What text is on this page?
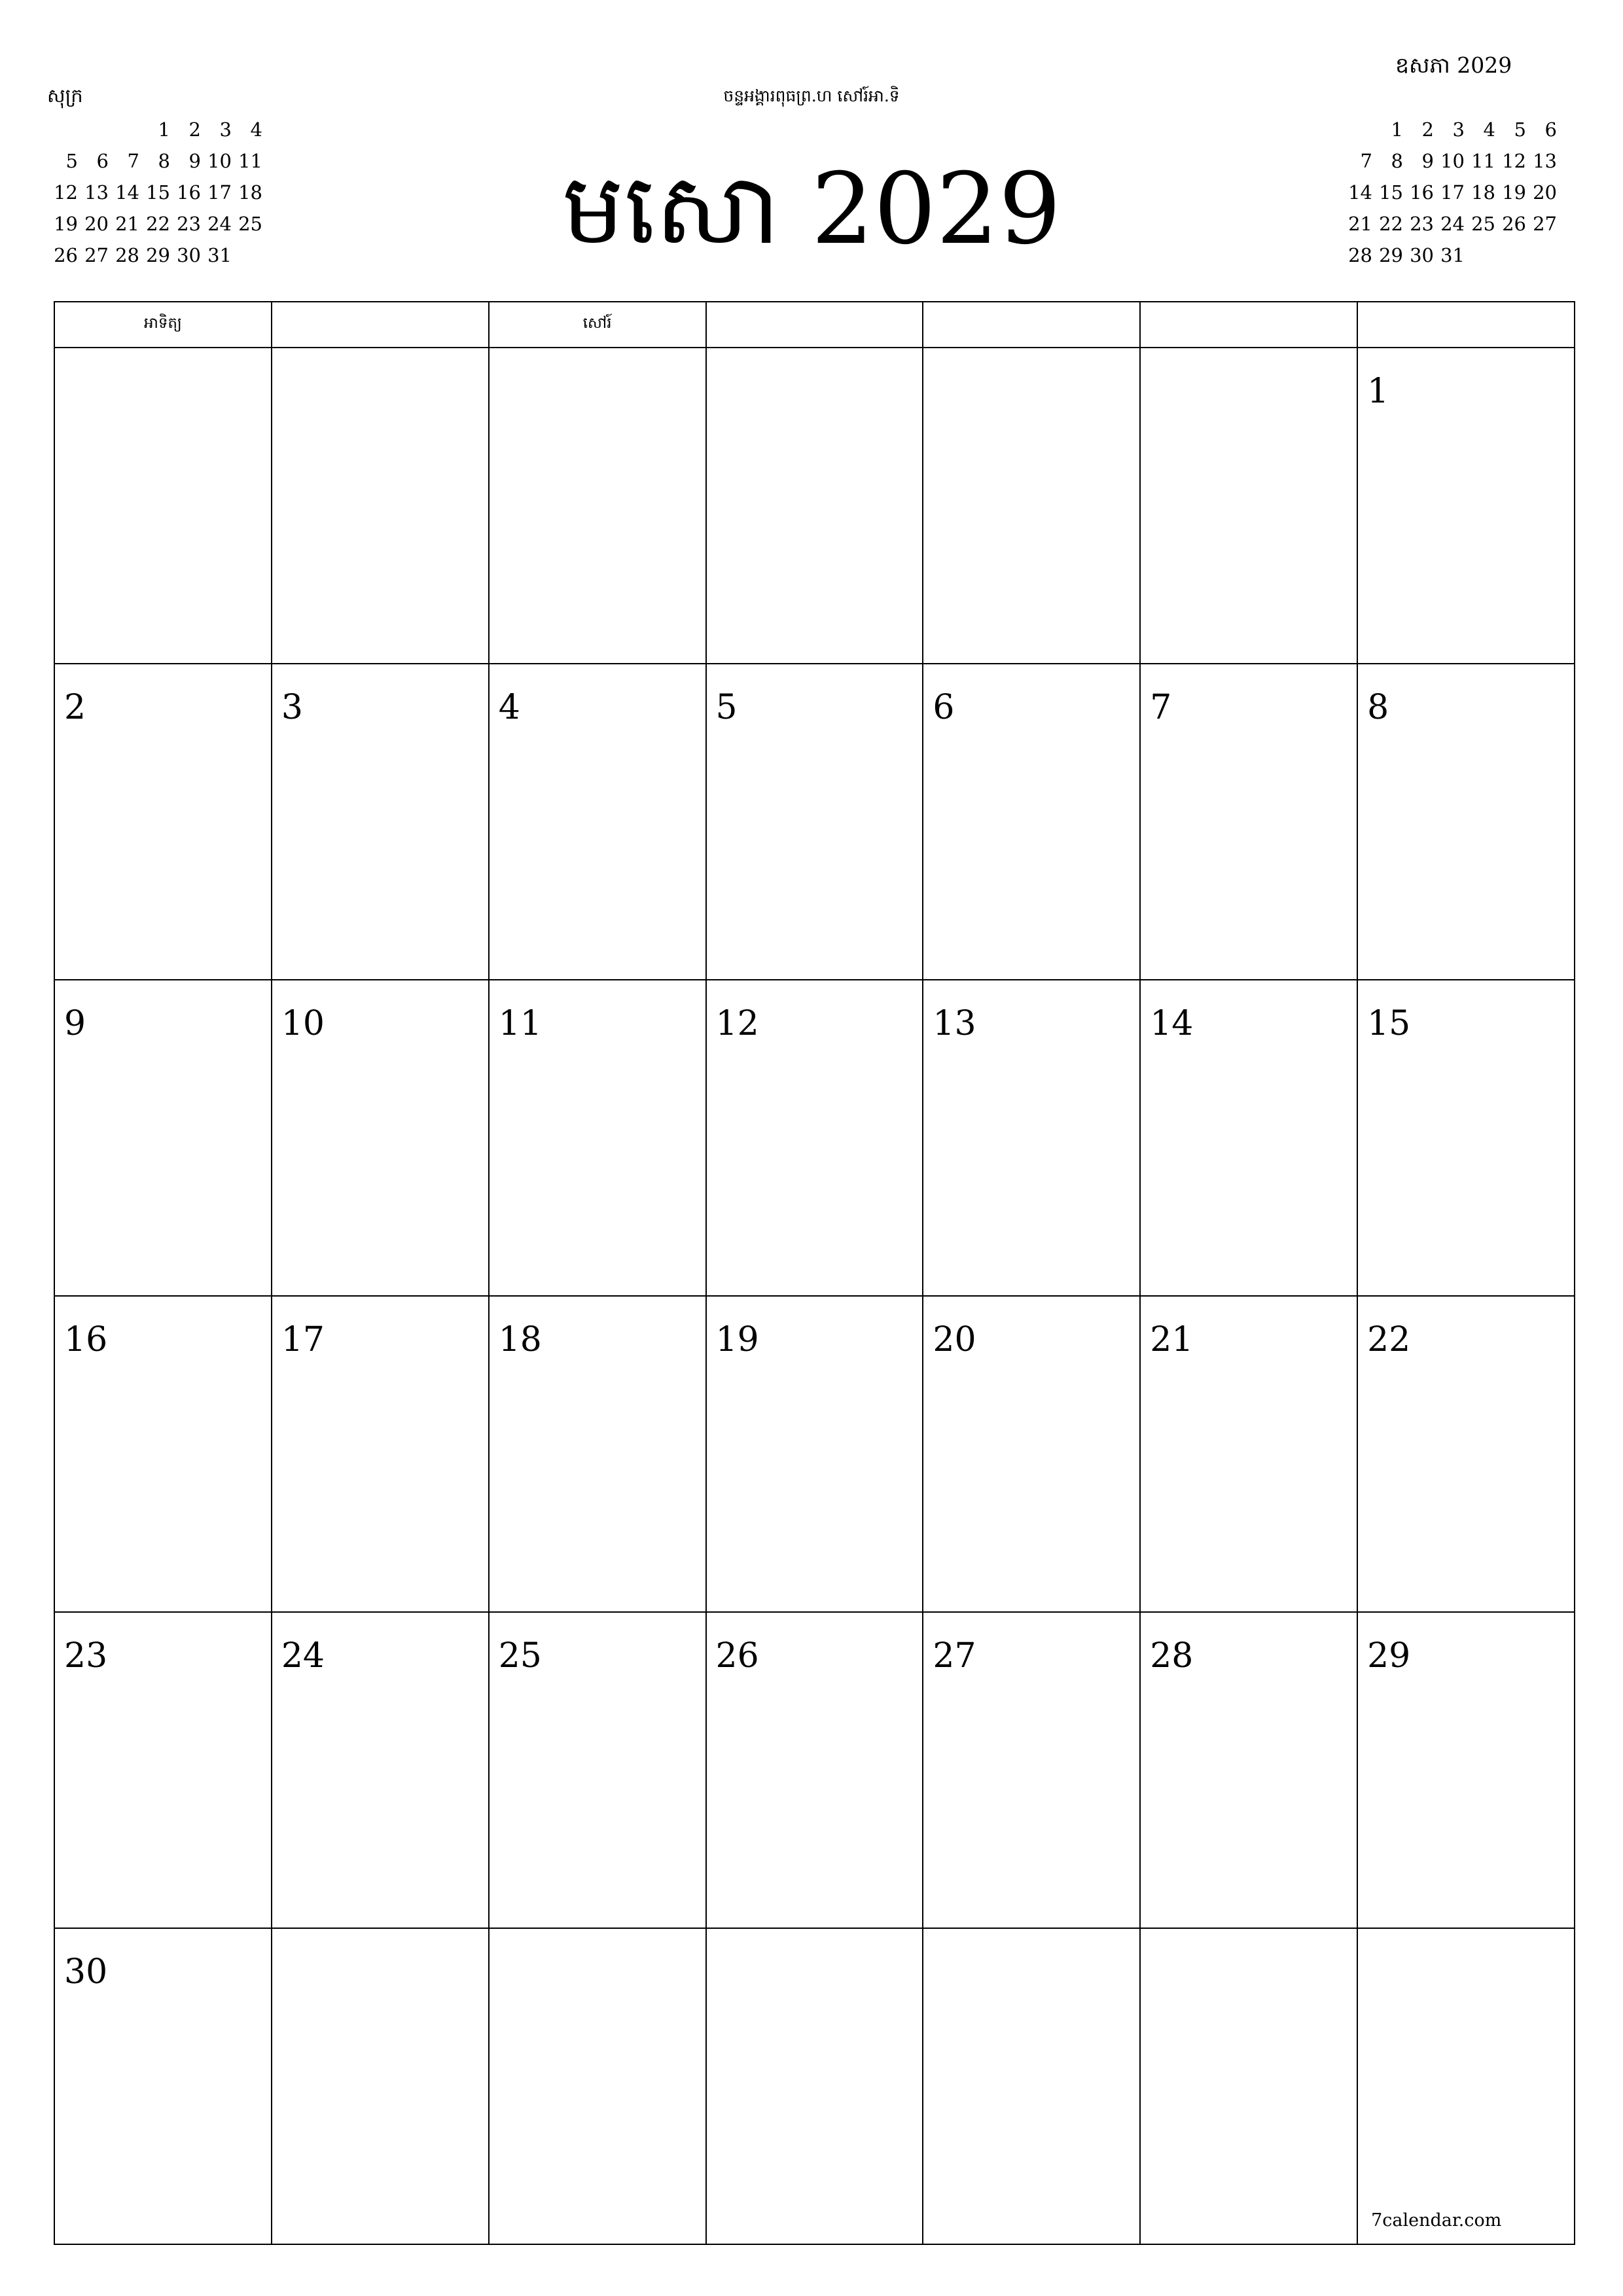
សុក្រ
			1	2	3	4
5	6	7	8	9	10	11
12	13	14	15	16	17	18
19	20	21	22	23	24	25
26	27	28	29	30	31	
ចន្ទអង្គារពុធព្រ.ហ សៅរ៍អា.ទិ
មសោ 2029
ឧសភា 2029
	1	2	3	4	5	6
7	8	9	10	11	12	13
14	15	16	17	18	19	20
21	22	23	24	25	26	27
28	29	30	31			
អាទិត្យ		សៅរ៍				

						1

2	3	4	5	6	7	8

9	10	11	12	13	14	15

16	17	18	19	20	21	22

23	24	25	26	27	28	29

30						7calendar.com
